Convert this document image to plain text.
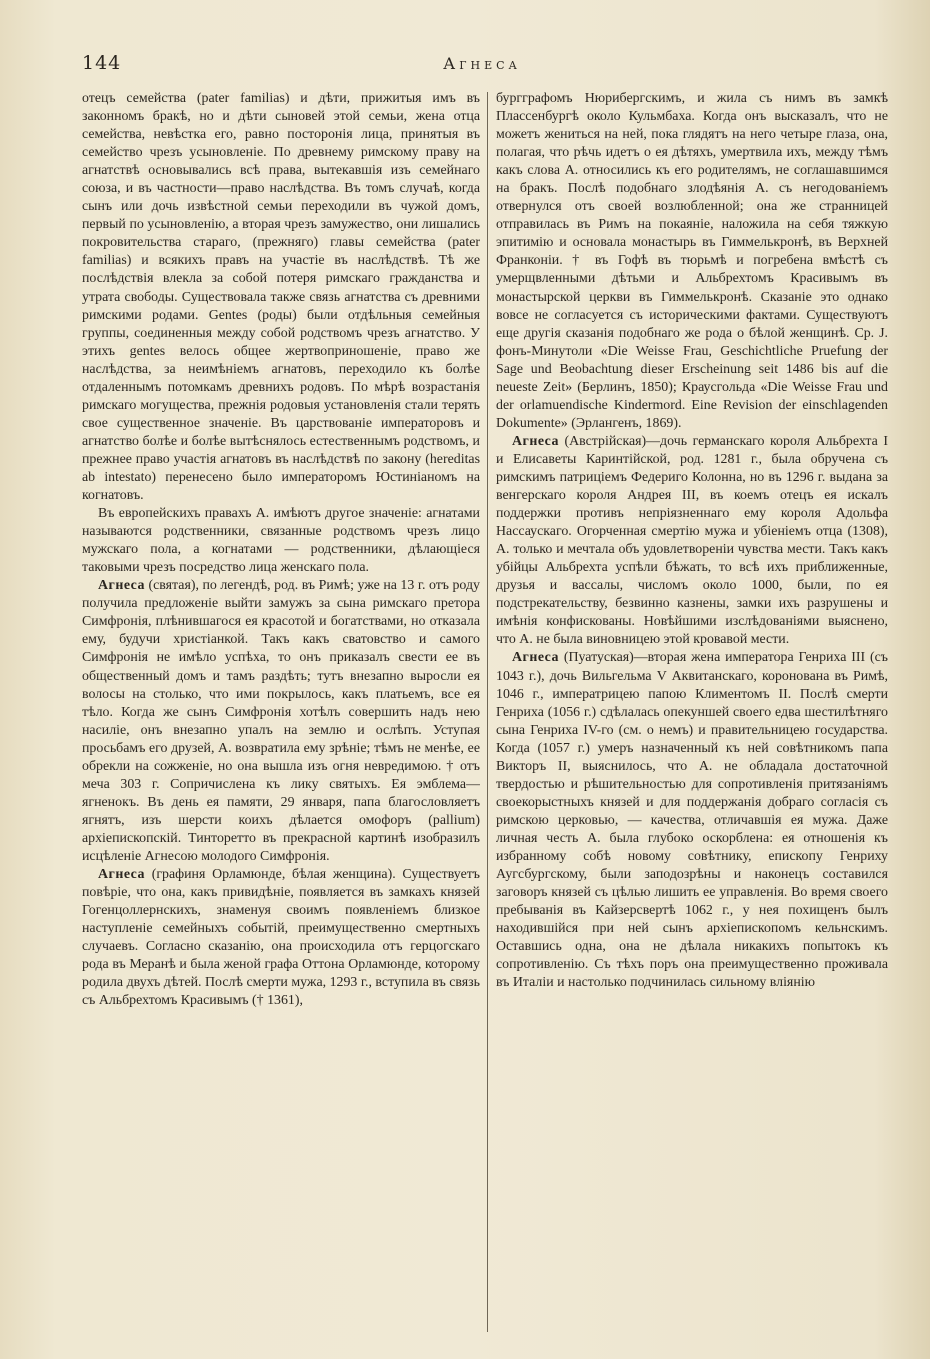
144	Агнеса

отецъ семейства (pater familias) и дѣти, прижитыя имъ въ законномъ бракѣ, но и дѣти сыновей этой семьи, жена отца семейства, невѣстка его, равно посторонія лица, принятыя въ семейство чрезъ усыновленіе. По древнему римскому праву на агнатствѣ основывались всѣ права, вытекавшія изъ семейнаго союза, и въ частности—право наслѣдства. Въ томъ случаѣ, когда сынъ или дочь извѣстной семьи переходили въ чужой домъ, первый по усыновленію, а вторая чрезъ замужество, они лишались покровительства стараго, (прежняго) главы семейства (pater familias) и всякихъ правъ на участіе въ наслѣдствѣ. Тѣ же послѣдствія влекла за собой потеря римскаго гражданства и утрата свободы. Существовала также связь агнатства съ древними римскими родами. Gentes (роды) были отдѣльныя семейныя группы, соединенныя между собой родствомъ чрезъ агнатство. У этихъ gentes велось общее жертвоприношеніе, право же наслѣдства, за неимѣніемъ агнатовъ, переходило къ болѣе отдаленнымъ потомкамъ древнихъ родовъ. По мѣрѣ возрастанія римскаго могущества, прежнія родовыя установленія стали терять свое существенное значеніе. Въ царствованіе императоровъ и агнатство болѣе и болѣе вытѣснялось естественнымъ родствомъ, и прежнее право участія агнатовъ въ наслѣдствѣ по закону (hereditas ab intestato) перенесено было императоромъ Юстиніаномъ на когнатовъ.

Въ европейскихъ правахъ А. имѣютъ другое значеніе: агнатами называются родственники, связанные родствомъ чрезъ лицо мужскаго пола, а когнатами — родственники, дѣлающіеся таковыми чрезъ посредство лица женскаго пола.

Агнеса (святая), по легендѣ, род. въ Римѣ; уже на 13 г. отъ роду получила предложеніе выйти замужъ за сына римскаго претора Симфронія, плѣнившагося ея красотой и богатствами, но отказала ему, будучи христіанкой. Такъ какъ сватовство и самого Симфронія не имѣло успѣха, то онъ приказалъ свести ее въ общественный домъ и тамъ раздѣть; тутъ внезапно выросли ея волосы на столько, что ими покрылось, какъ платьемъ, все ея тѣло. Когда же сынъ Симфронія хотѣлъ совершить надъ нею насиліе, онъ внезапно упалъ на землю и ослѣпъ. Уступая просьбамъ его друзей, А. возвратила ему зрѣніе; тѣмъ не менѣе, ее обрекли на сожженіе, но она вышла изъ огня невредимою. † отъ меча 303 г. Сопричислена къ лику святыхъ. Ея эмблема—ягненокъ. Въ день ея памяти, 29 января, папа благословляетъ ягнятъ, изъ шерсти коихъ дѣлается омофоръ (pallium) архіепископскій. Тинторетто въ прекрасной картинѣ изобразилъ исцѣленіе Агнесою молодого Симфронія.

Агнеса (графиня Орламюнде, бѣлая женщина). Существуетъ повѣріе, что она, какъ привидѣніе, появляется въ замкахъ князей Гогенцоллернскихъ, знаменуя своимъ появленіемъ близкое наступленіе семейныхъ событій, преимущественно смертныхъ случаевъ. Согласно сказанію, она происходила отъ герцогскаго рода въ Меранѣ и была женой графа Оттона Орламюнде, которому родила двухъ дѣтей. Послѣ смерти мужа, 1293 г., вступила въ связь съ Альбрехтомъ Красивымъ († 1361),

бургграфомъ Нюрибергскимъ, и жила съ нимъ въ замкѣ Плассенбургѣ около Кульмбаха. Когда онъ высказалъ, что не можетъ жениться на ней, пока глядятъ на него четыре глаза, она, полагая, что рѣчь идетъ о ея дѣтяхъ, умертвила ихъ, между тѣмъ какъ слова А. относились къ его родителямъ, не соглашавшимся на бракъ. Послѣ подобнаго злодѣянія А. съ негодованіемъ отвернулся отъ своей возлюбленной; она же странницей отправилась въ Римъ на покаяніе, наложила на себя тяжкую эпитимію и основала монастырь въ Гиммелькронѣ, въ Верхней Франконіи. † въ Гофѣ въ тюрьмѣ и погребена вмѣстѣ съ умерщвленными дѣтьми и Альбрехтомъ Красивымъ въ монастырской церкви въ Гиммелькронѣ. Сказаніе это однако вовсе не согласуется съ историческими фактами. Существуютъ еще другія сказанія подобнаго же рода о бѣлой женщинѣ. Ср. J. фонъ-Минутоли «Die Weisse Frau, Geschichtliche Pruefung der Sage und Beobachtung dieser Erscheinung seit 1486 bis auf die neueste Zeit» (Берлинъ, 1850); Краусгольда «Die Weisse Frau und der orlamuendische Kindermord. Eine Revision der einschlagenden Dokumente» (Эрлангенъ, 1869).

Агнеса (Австрійская)—дочь германскаго короля Альбрехта I и Елисаветы Каринтійской, род. 1281 г., была обручена съ римскимъ патриціемъ Федериго Колонна, но въ 1296 г. выдана за венгерскаго короля Андрея III, въ коемъ отецъ ея искалъ поддержки противъ непріязненнаго ему короля Адольфа Нассаускаго. Огорченная смертію мужа и убіеніемъ отца (1308), А. только и мечтала объ удовлетвореніи чувства мести. Такъ какъ убійцы Альбрехта успѣли бѣжать, то всѣ ихъ приближенные, друзья и вассалы, числомъ около 1000, были, по ея подстрекательству, безвинно казнены, замки ихъ разрушены и имѣнія конфискованы. Новѣйшими изслѣдованіями выяснено, что А. не была виновницею этой кровавой мести.

Агнеса (Пуатуская)—вторая жена императора Генриха III (съ 1043 г.), дочь Вильгельма V Аквитанскаго, коронована въ Римѣ, 1046 г., императрицею папою Климентомъ II. Послѣ смерти Генриха (1056 г.) сдѣлалась опекуншей своего едва шестилѣтняго сына Генриха IV-го (см. о немъ) и правительницею государства. Когда (1057 г.) умеръ назначенный къ ней совѣтникомъ папа Викторъ II, выяснилось, что А. не обладала достаточной твердостью и рѣшительностью для сопротивленія притязаніямъ своекорыстныхъ князей и для поддержанія добраго согласія съ римскою церковью, — качества, отличавшія ея мужа. Даже личная честь А. была глубоко оскорблена: ея отношенія къ избранному собѣ новому совѣтнику, епископу Генриху Аугсбургскому, были заподозрѣны и наконецъ составился заговоръ князей съ цѣлью лишить ее управленія. Во время своего пребыванія въ Кайзерсвертѣ 1062 г., у нея похищенъ былъ находившійся при ней сынъ архіепископомъ кельнскимъ. Оставшись одна, она не дѣлала никакихъ попытокъ къ сопротивленію. Съ тѣхъ поръ она преимущественно проживала въ Италіи и настолько подчинилась сильному вліянію
